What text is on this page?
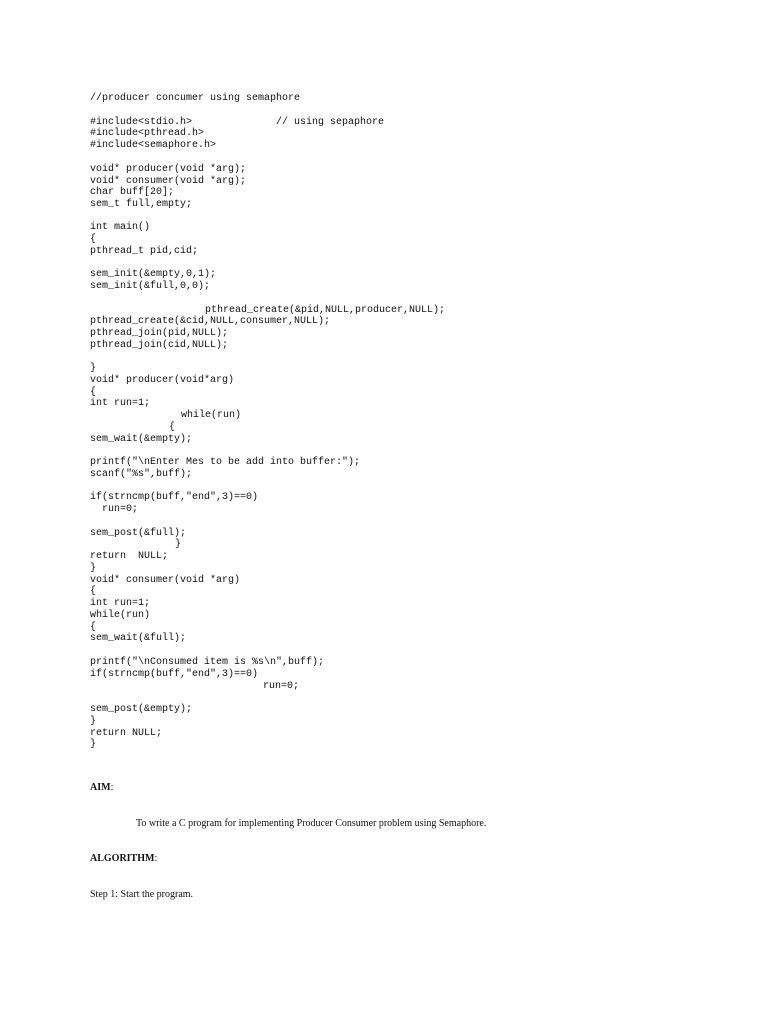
//producer concumer using semaphore

#include<stdio.h>              // using sepaphore

#include<pthread.h>

#include<semaphore.h>

void* producer(void *arg);

void* consumer(void *arg);

char buff[20];

sem_t full,empty;

int main()

{

pthread_t pid,cid;

sem_init(&empty,0,1);

sem_init(&full,0,0);

pthread_create(&pid,NULL,producer,NULL);

pthread_create(&cid,NULL,consumer,NULL);

pthread_join(pid,NULL);

pthread_join(cid,NULL);

}

void* producer(void*arg)

{

int run=1;

while(run)

{

sem_wait(&empty);

printf("\nEnter Mes to be add into buffer:");

scanf("%s",buff);

if(strncmp(buff,"end",3)==0)

run=0;

sem_post(&full);

}

return  NULL;

}

void* consumer(void *arg)

{

int run=1;

while(run)

{

sem_wait(&full);

printf("\nConsumed item is %s\n",buff);

if(strncmp(buff,"end",3)==0)

run=0;

sem_post(&empty);

}

return NULL;

}

AIM:

To write a C program for implementing Producer Consumer problem using Semaphore.

ALGORITHM:

Step 1: Start the program.
